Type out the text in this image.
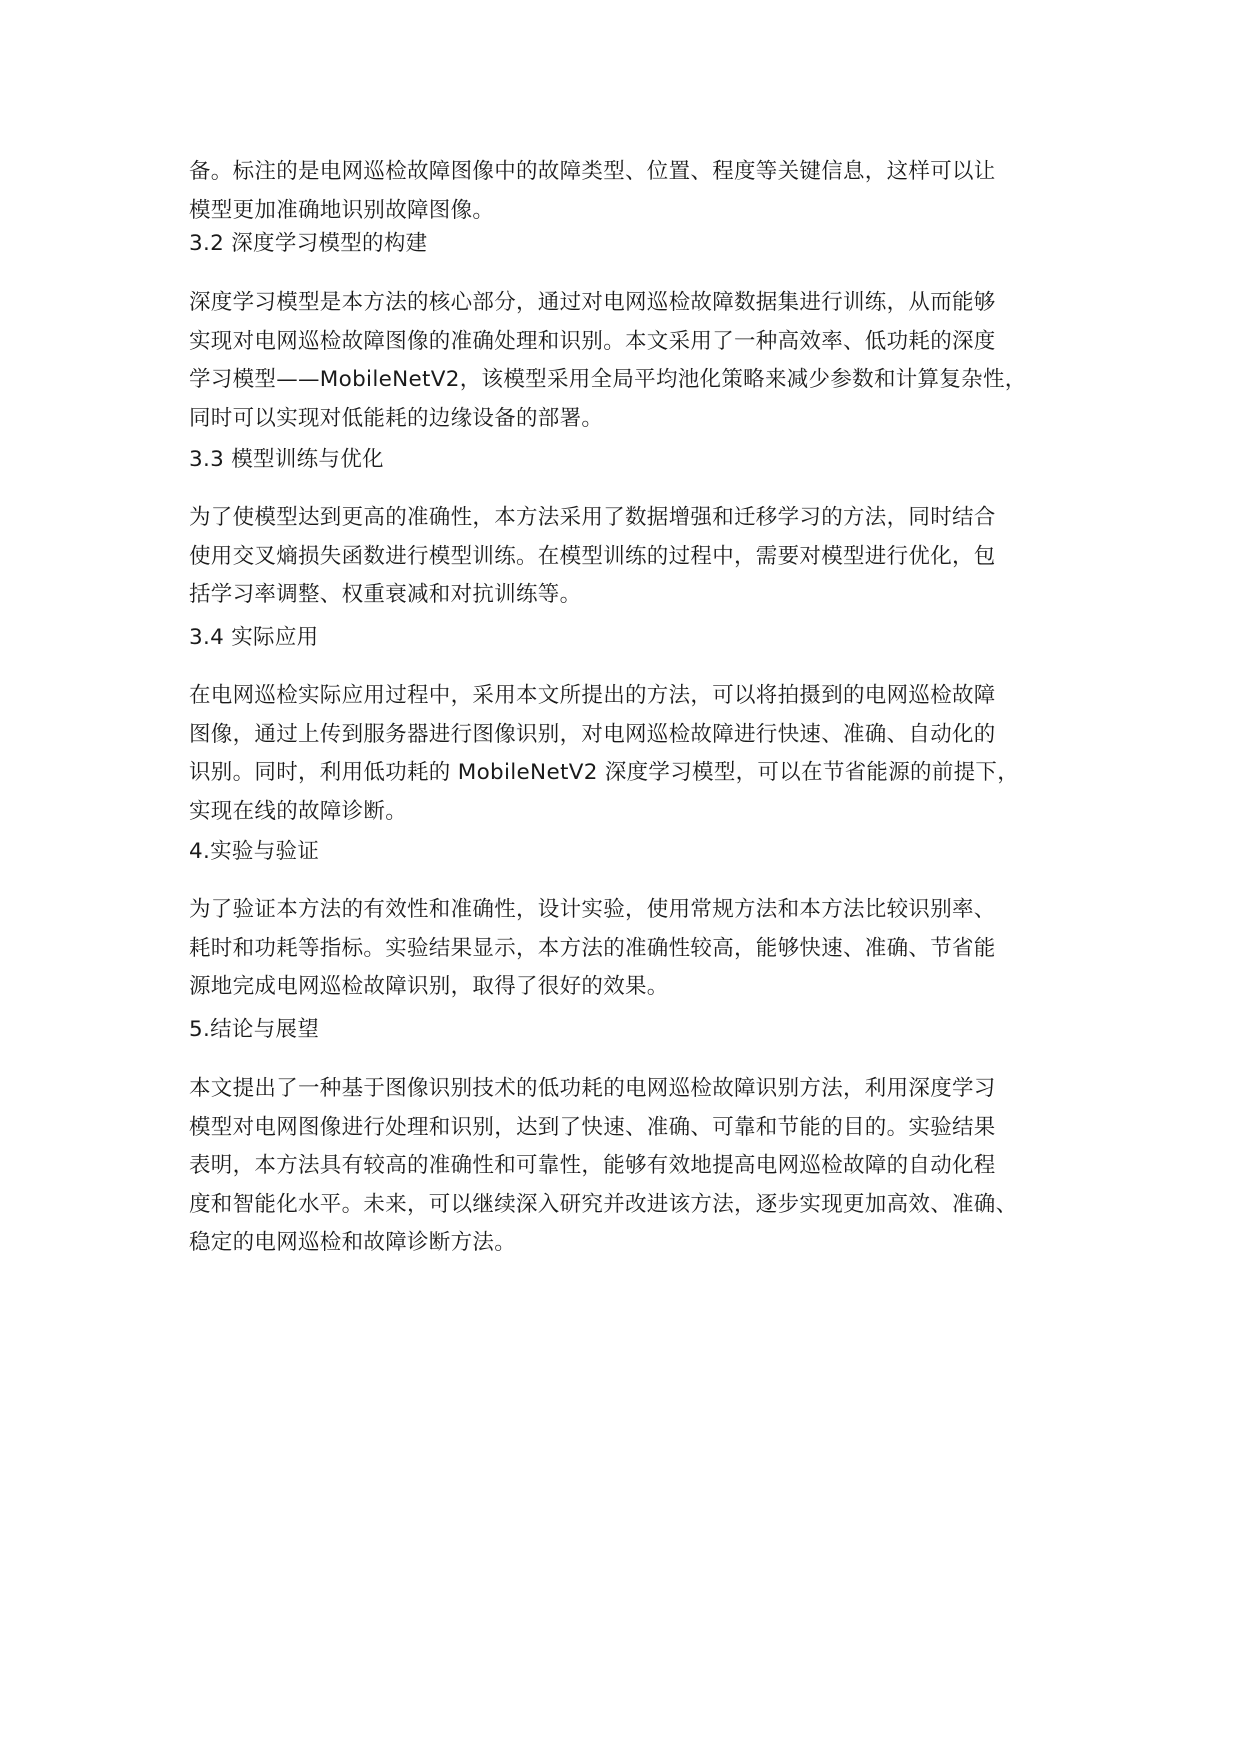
备。标注的是电网巡检故障图像中的故障类型、位置、程度等关键信息，这样可以让
模型更加准确地识别故障图像。
3.2 深度学习模型的构建
深度学习模型是本方法的核心部分，通过对电网巡检故障数据集进行训练，从而能够
实现对电网巡检故障图像的准确处理和识别。本文采用了一种高效率、低功耗的深度
学习模型——MobileNetV2，该模型采用全局平均池化策略来减少参数和计算复杂性，
同时可以实现对低能耗的边缘设备的部署。
3.3 模型训练与优化
为了使模型达到更高的准确性，本方法采用了数据增强和迁移学习的方法，同时结合
使用交叉熵损失函数进行模型训练。在模型训练的过程中，需要对模型进行优化，包
括学习率调整、权重衰减和对抗训练等。
3.4 实际应用
在电网巡检实际应用过程中，采用本文所提出的方法，可以将拍摄到的电网巡检故障
图像，通过上传到服务器进行图像识别，对电网巡检故障进行快速、准确、自动化的
识别。同时，利用低功耗的 MobileNetV2 深度学习模型，可以在节省能源的前提下，
实现在线的故障诊断。
4.实验与验证
为了验证本方法的有效性和准确性，设计实验，使用常规方法和本方法比较识别率、
耗时和功耗等指标。实验结果显示，本方法的准确性较高，能够快速、准确、节省能
源地完成电网巡检故障识别，取得了很好的效果。
5.结论与展望
本文提出了一种基于图像识别技术的低功耗的电网巡检故障识别方法，利用深度学习
模型对电网图像进行处理和识别，达到了快速、准确、可靠和节能的目的。实验结果
表明，本方法具有较高的准确性和可靠性，能够有效地提高电网巡检故障的自动化程
度和智能化水平。未来，可以继续深入研究并改进该方法，逐步实现更加高效、准确、
稳定的电网巡检和故障诊断方法。
